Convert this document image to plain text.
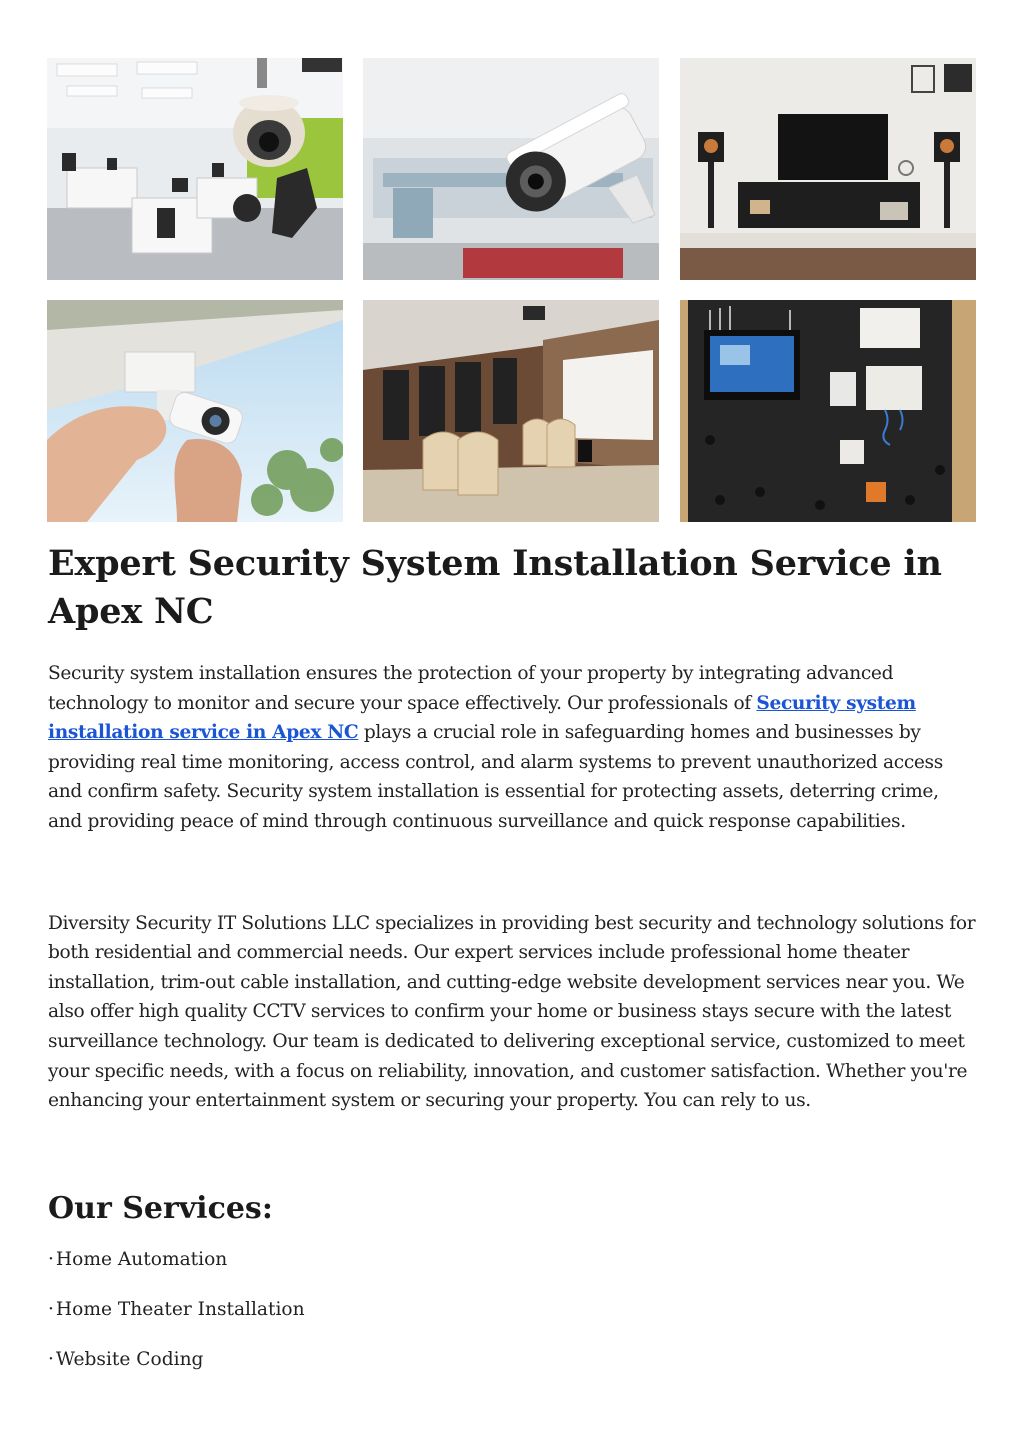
Expert Security System Installation Service in Apex NC

Security system installation ensures the protection of your property by integrating advanced technology to monitor and secure your space effectively. Our professionals of Security system installation service in Apex NC plays a crucial role in safeguarding homes and businesses by providing real time monitoring, access control, and alarm systems to prevent unauthorized access and confirm safety. Security system installation is essential for protecting assets, deterring crime, and providing peace of mind through continuous surveillance and quick response capabilities.

Diversity Security IT Solutions LLC specializes in providing best security and technology solutions for both residential and commercial needs. Our expert services include professional home theater installation, trim-out cable installation, and cutting-edge website development services near you. We also offer high quality CCTV services to confirm your home or business stays secure with the latest surveillance technology. Our team is dedicated to delivering exceptional service, customized to meet your specific needs, with a focus on reliability, innovation, and customer satisfaction. Whether you're enhancing your entertainment system or securing your property. You can rely to us.

Our Services:
· Home Automation
· Home Theater Installation
· Website Coding
